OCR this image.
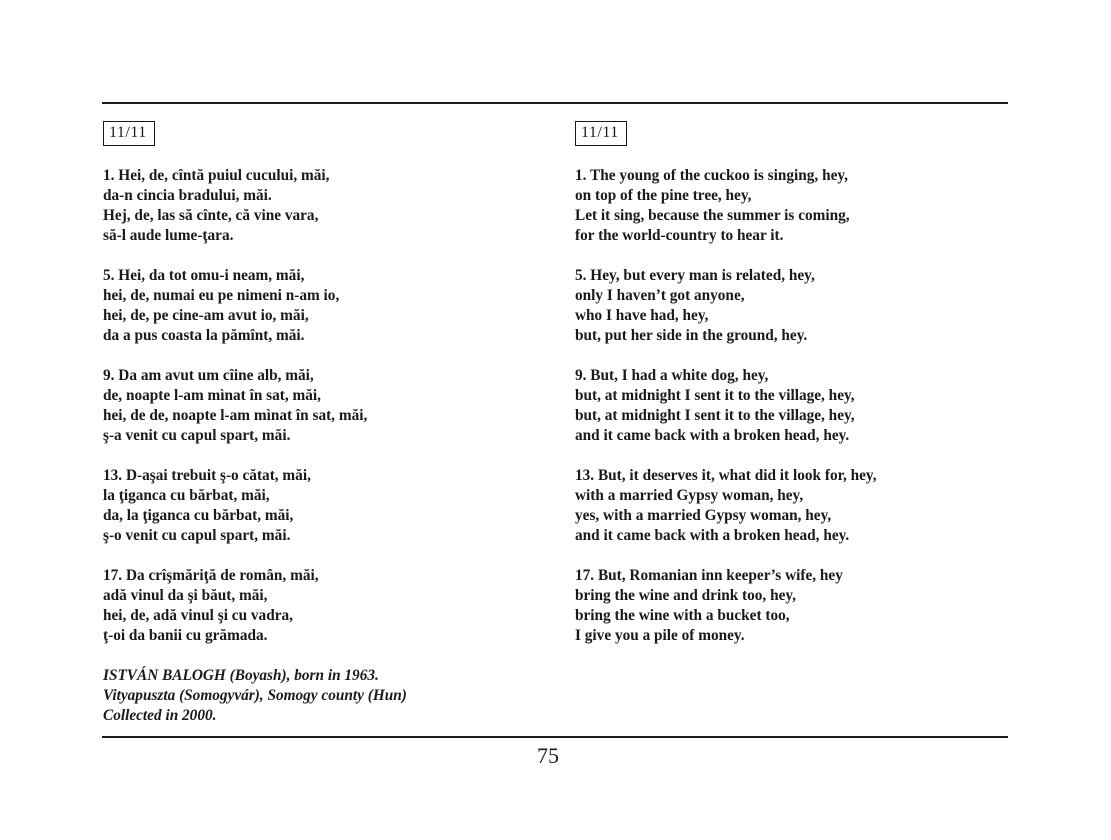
11/11
1. Hei, de, cîntă puiul cucului, măi,
da-n cincia bradului, măi.
Hej, de, las să cînte, că vine vara,
să-l aude lume-ţara.
5. Hei, da tot omu-i neam, măi,
hei, de, numai eu pe nimeni n-am io,
hei, de, pe cine-am avut io, măi,
da a pus coasta la pămînt, măi.
9. Da am avut um cîine alb, măi,
de, noapte l-am mìnat în sat, măi,
hei, de de, noapte l-am mìnat în sat, măi,
ş-a venit cu capul spart, măi.
13. D-aşai trebuit ş-o cătat, măi,
la ţiganca cu bărbat, măi,
da, la ţiganca cu bărbat, măi,
ş-o venit cu capul spart, măi.
17. Da crîşmăriţă de român, măi,
adă vinul da şi băut, măi,
hei, de, adă vinul şi cu vadra,
ţ-oi da banii cu grămada.
ISTVÁN BALOGH (Boyash), born in 1963.
Vityapuszta (Somogyvár), Somogy county (Hun)
Collected in 2000.
11/11
1. The young of the cuckoo is singing, hey,
on top of the pine tree, hey,
Let it sing, because the summer is coming,
for the world-country to hear it.
5. Hey, but every man is related, hey,
only I haven’t got anyone,
who I have had, hey,
but, put her side in the ground, hey.
9. But, I had a white dog, hey,
but, at midnight I sent it to the village, hey,
but, at midnight I sent it to the village, hey,
and it came back with a broken head, hey.
13. But, it deserves it, what did it look for, hey,
with a married Gypsy woman, hey,
yes, with a married Gypsy woman, hey,
and it came back with a broken head, hey.
17. But, Romanian inn keeper’s wife, hey
bring the wine and drink too, hey,
bring the wine with a bucket too,
I give you a pile of money.
75
